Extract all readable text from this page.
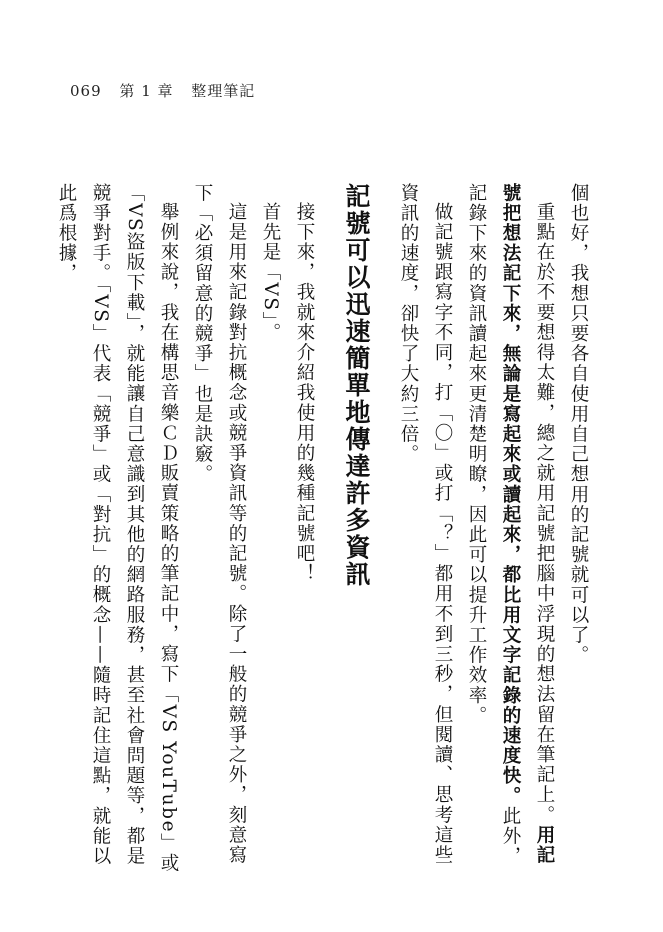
069 第 1 章 整理筆記

個也好，我想只要各自使用自己想用的記號就可以了。

重點在於不要想得太難，總之就用記號把腦中浮現的想法留在筆記上。用記號把想法記下來，無論是寫起來或讀起來，都比用文字記錄的速度快。此外，記錄下來的資訊讀起來更清楚明瞭，因此可以提升工作效率。

做記號跟寫字不同，打「〇」或打「？」都用不到三秒，但閱讀、思考這些資訊的速度，卻快了大約三倍。

記號可以迅速簡單地傳達許多資訊

接下來，我就來介紹我使用的幾種記號吧！

首先是「VS」。

這是用來記錄對抗概念或競爭資訊等的記號。除了一般的競爭之外，刻意寫下「必須留意的競爭」也是訣竅。

舉例來說，我在構思音樂ＣＤ販賣策略的筆記中，寫下「VS YouTube」或「VS盜版下載」，就能讓自己意識到其他的網路服務，甚至社會問題等，都是競爭對手。「VS」代表「競爭」或「對抗」的概念——隨時記住這點，就能以此爲根據，
